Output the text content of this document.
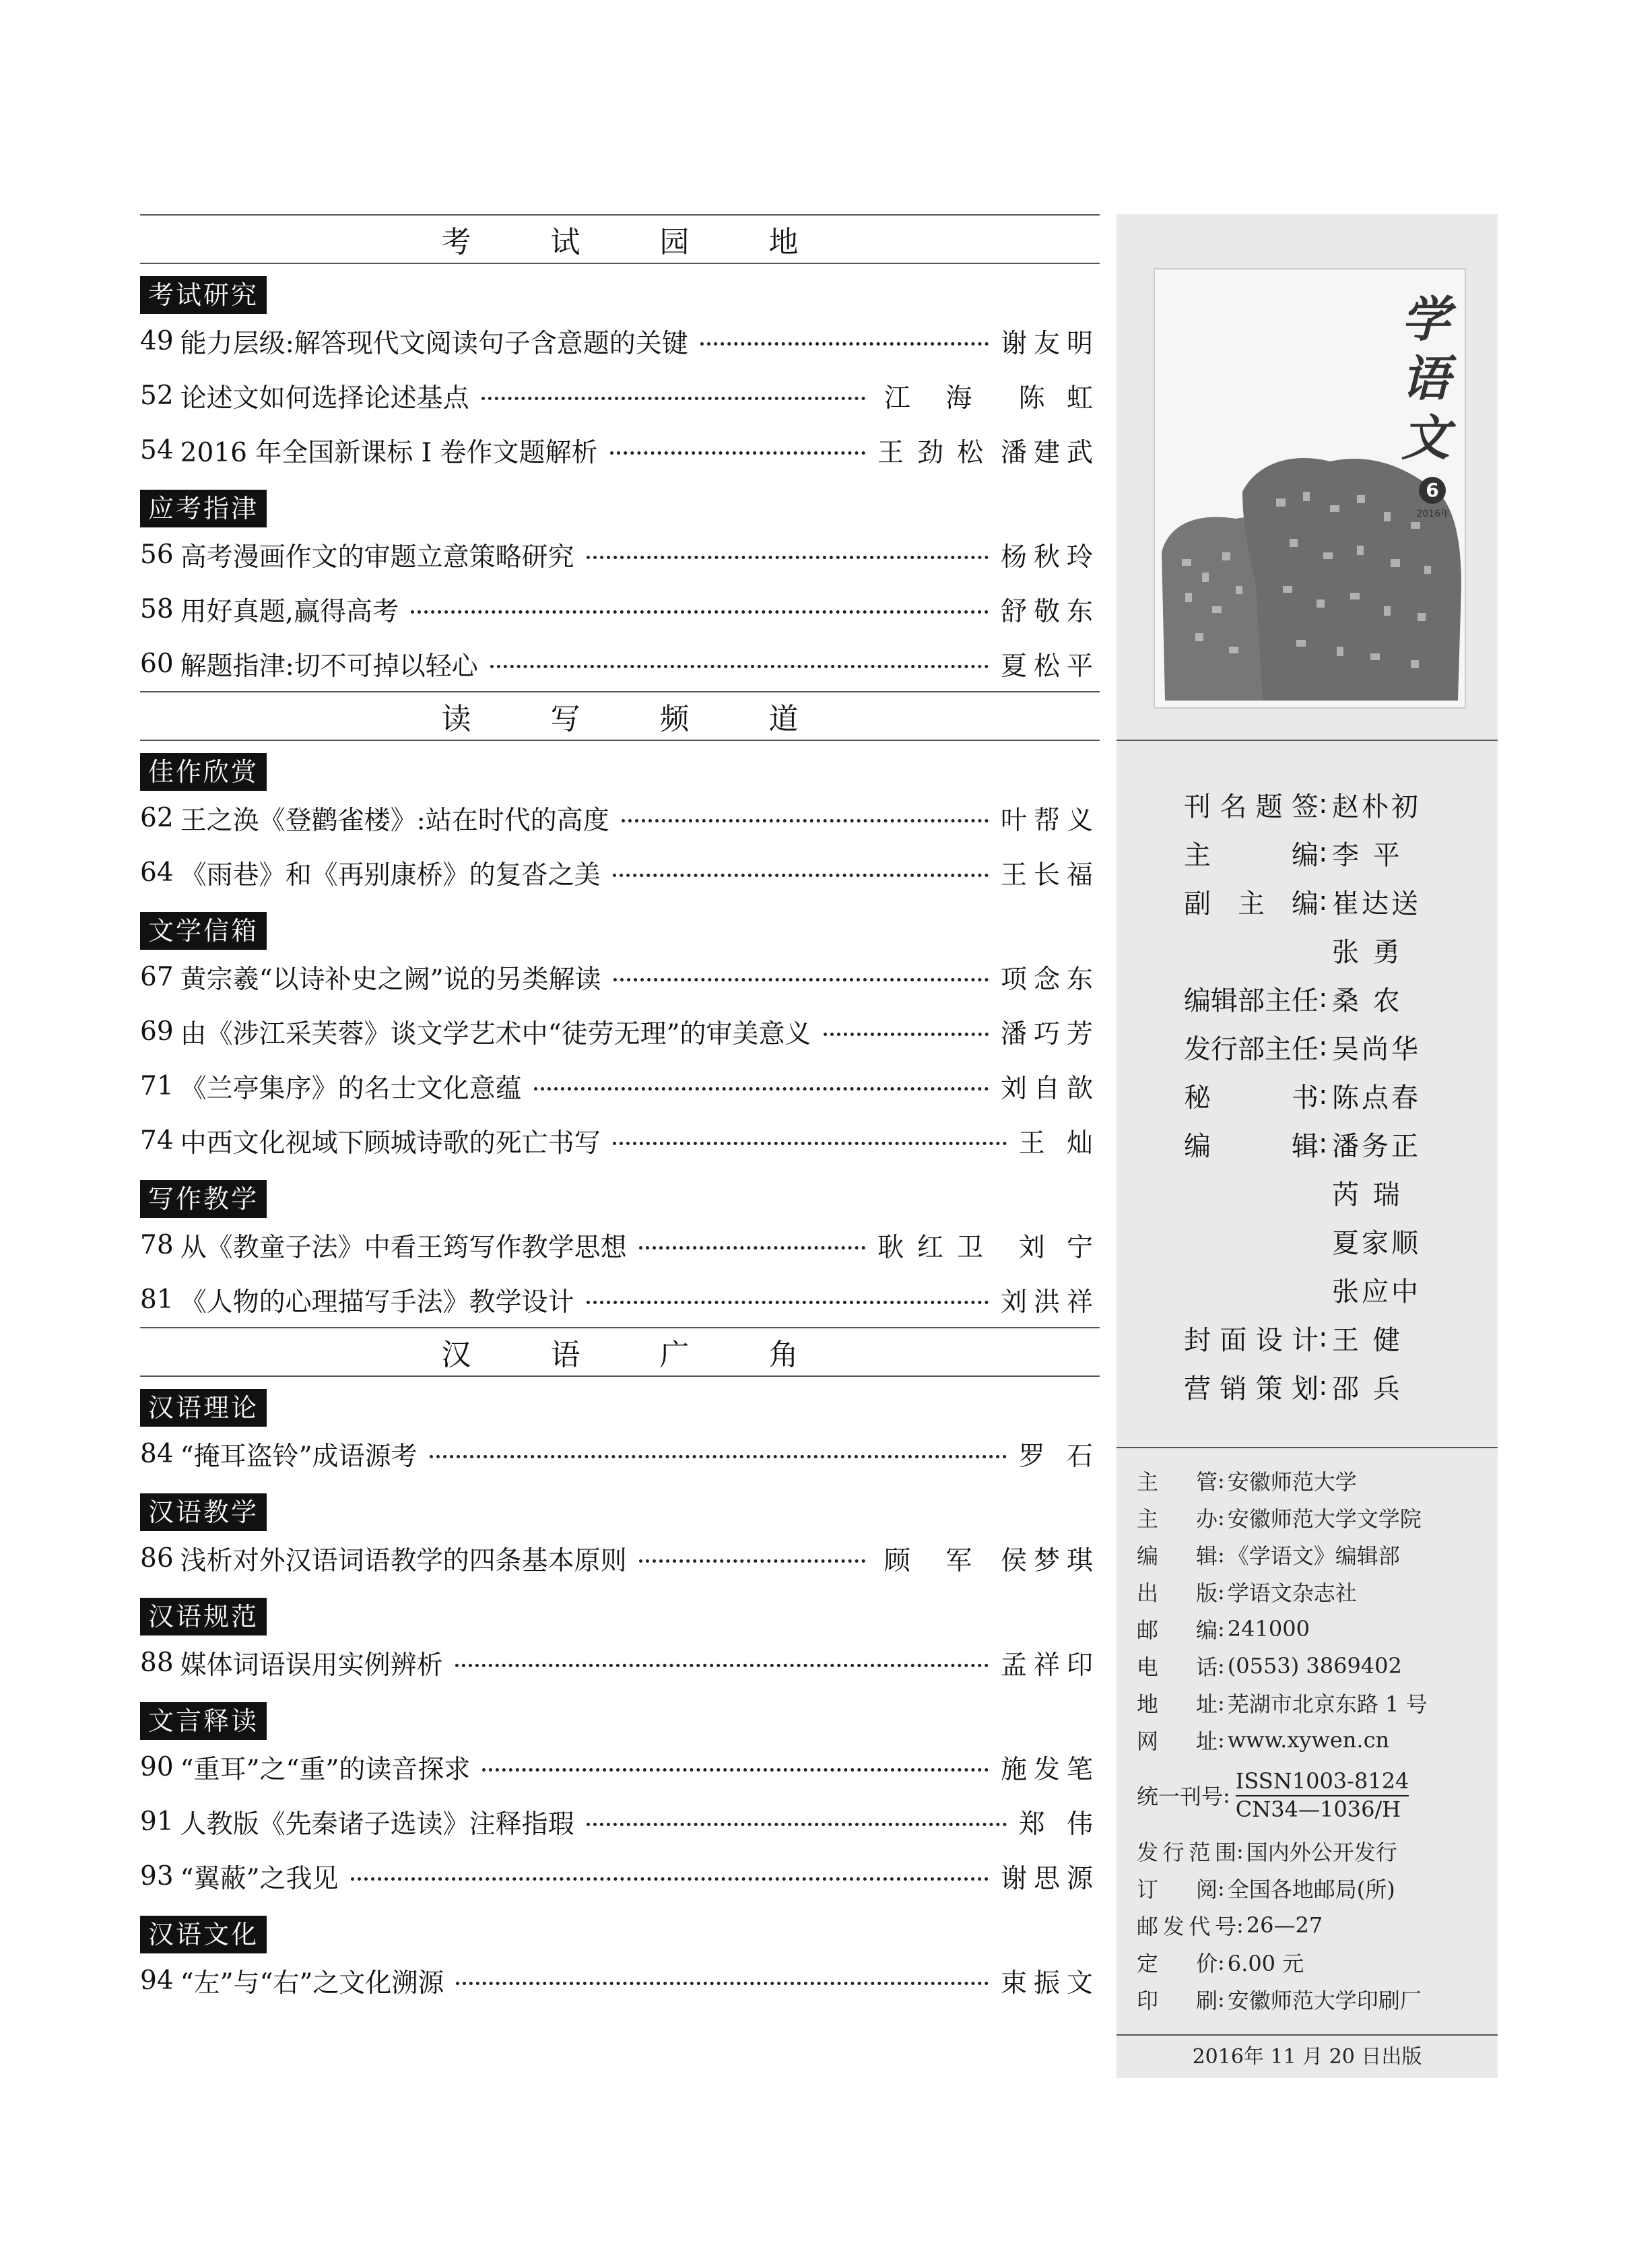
考 试 园 地
考试研究
49 能力层级:解答现代文阅读句子含意题的关键	谢友明
52 论述文如何选择论述基点	江 海	陈 虹
54 2016 年全国新课标 I 卷作文题解析	王劲松 潘建武
应考指津
56 高考漫画作文的审题立意策略研究	杨秋玲
58 用好真题,赢得高考	舒敬东
60 解题指津:切不可掉以轻心	夏松平
读 写 频 道
佳作欣赏
62 王之涣《登鹳雀楼》:站在时代的高度	叶帮义
64 《雨巷》和《再别康桥》的复沓之美	王长福
文学信箱
67 黄宗羲“以诗补史之阙”说的另类解读	项念东
69 由《涉江采芙蓉》谈文学艺术中“徒劳无理”的审美意义	潘巧芳
71 《兰亭集序》的名士文化意蕴	刘自歆
74 中西文化视域下顾城诗歌的死亡书写	王 灿
写作教学
78 从《教童子法》中看王筠写作教学思想	耿红卫 刘 宁
81 《人物的心理描写手法》教学设计	刘洪祥
汉 语 广 角
汉语理论
84 “掩耳盗铃”成语源考	罗 石
汉语教学
86 浅析对外汉语词语教学的四条基本原则	顾 军 侯梦琪
汉语规范
88 媒体词语误用实例辨析	孟祥印
文言释读
90 “重耳”之“重”的读音探求	施发笔
91 人教版《先秦诸子选读》注释指瑕	郑 伟
93 “翼蔽”之我见	谢思源
汉语文化
94 “左”与“右”之文化溯源	束振文
学
语
文
6
2016年
刊 名 题 签 : 赵朴初
主	编 : 李 平
副 主 编 : 崔达送
张 勇
编 辑 部 主 任 : 桑 农
发 行 部 主 任 : 吴尚华
秘	书 : 陈点春
编	辑 : 潘务正
芮 瑞
夏家顺
张应中
封 面 设 计 : 王 健
营 销 策 划 : 邵 兵
主 管 : 安徽师范大学
主 办 : 安徽师范大学文学院
编 辑 : 《学语文》编辑部
出 版 : 学语文杂志社
邮 编 : 241000
电 话 : (0553) 3869402
地 址 : 芜湖市北京东路 1 号
网 址 : www.xywen.cn
统一刊号 : $\frac{\text{ISSN1003-8124}}{CN34—1036/H}$
发 行 范 围 : 国内外公开发行
订 阅 : 全国各地邮局(所)
邮 发 代 号 : 26—27
定 价 : 6.00 元
印 刷 : 安徽师范大学印刷厂
2016年 11 月 20 日出版
